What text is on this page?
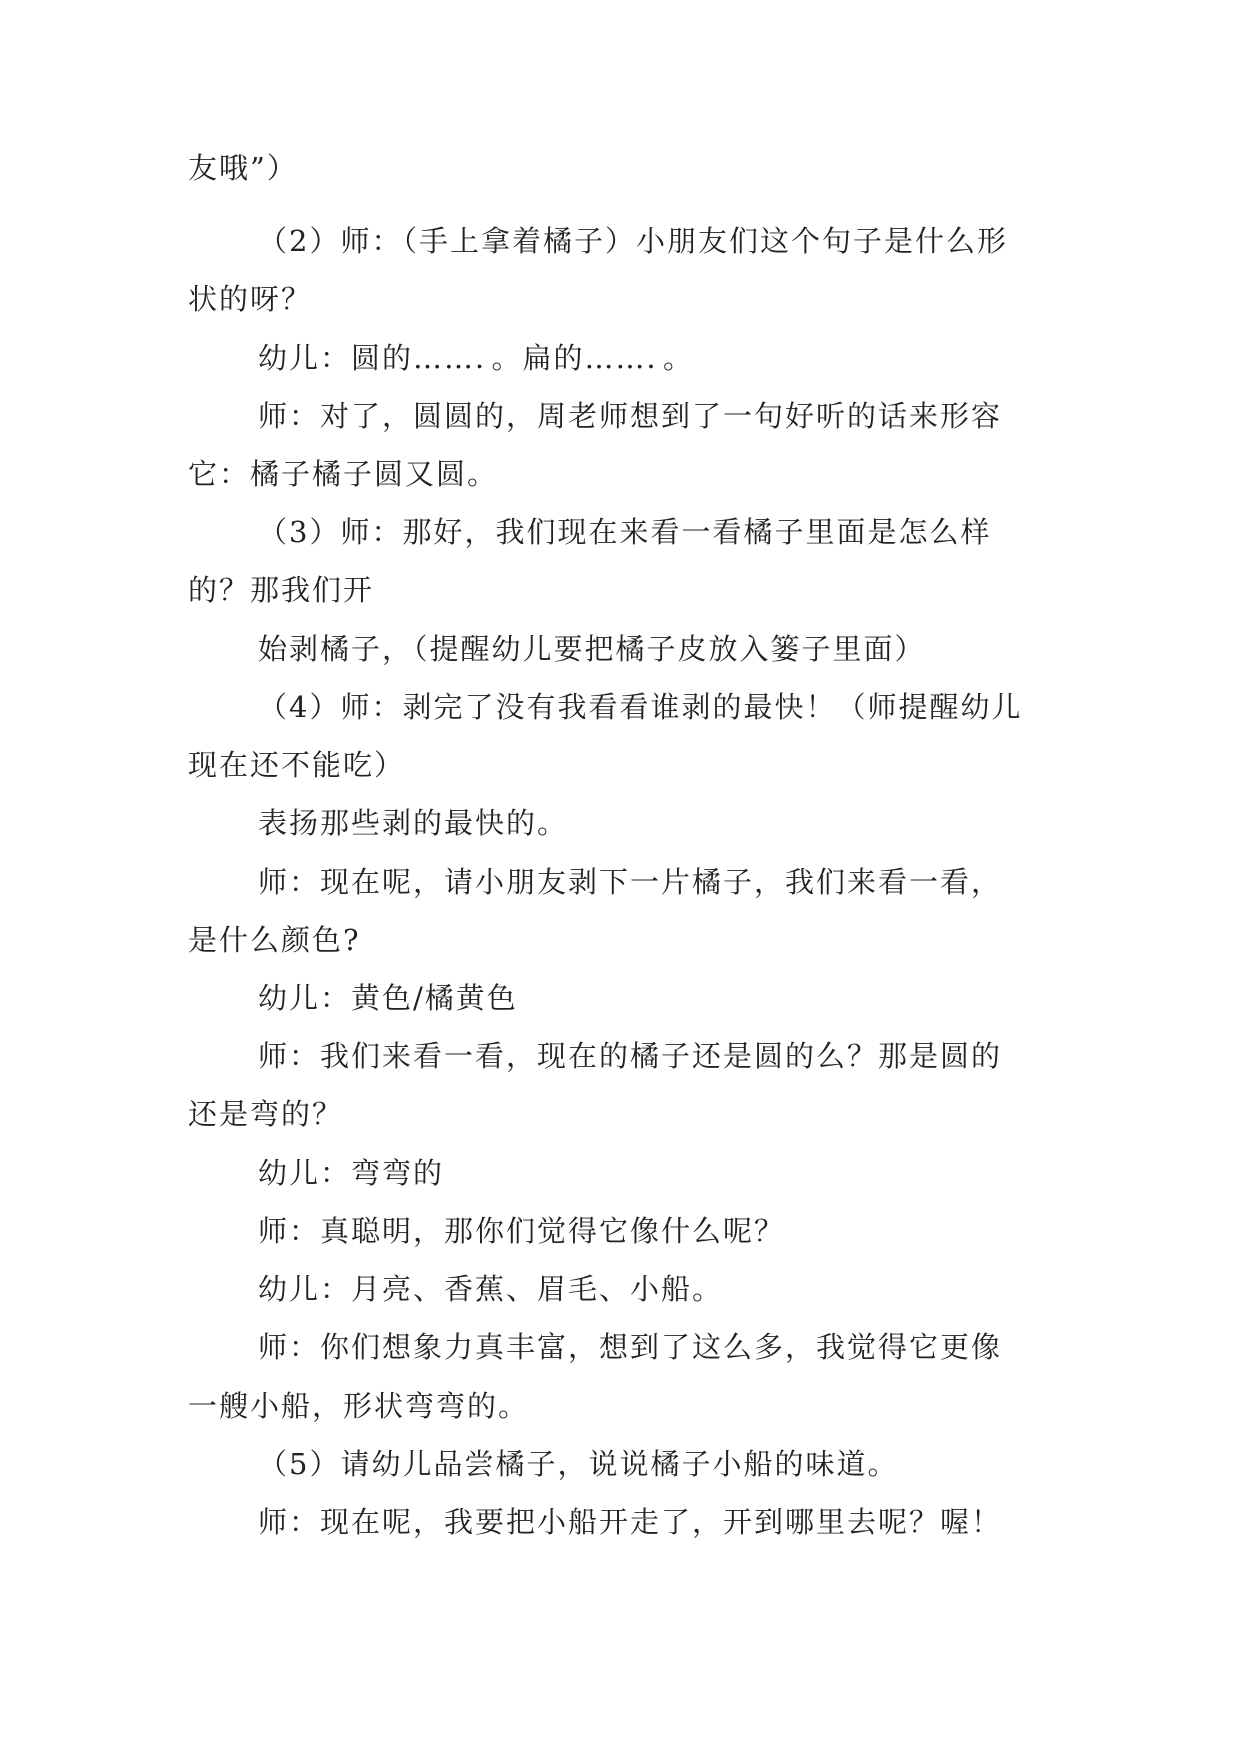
友哦”）
（2）师：（手上拿着橘子）小朋友们这个句子是什么形
状的呀？
幼儿：圆的……．。扁的……．。
师：对了，圆圆的，周老师想到了一句好听的话来形容
它：橘子橘子圆又圆。
（3）师：那好，我们现在来看一看橘子里面是怎么样
的？那我们开
始剥橘子，（提醒幼儿要把橘子皮放入篓子里面）
（4）师：剥完了没有我看看谁剥的最快！（师提醒幼儿
现在还不能吃）
表扬那些剥的最快的。
师：现在呢，请小朋友剥下一片橘子，我们来看一看，
是什么颜色?
幼儿：黄色/橘黄色
师：我们来看一看，现在的橘子还是圆的么？那是圆的
还是弯的？
幼儿：弯弯的
师：真聪明，那你们觉得它像什么呢？
幼儿：月亮、香蕉、眉毛、小船。
师：你们想象力真丰富，想到了这么多，我觉得它更像
一艘小船，形状弯弯的。
（5）请幼儿品尝橘子，说说橘子小船的味道。
师：现在呢，我要把小船开走了，开到哪里去呢？喔！
